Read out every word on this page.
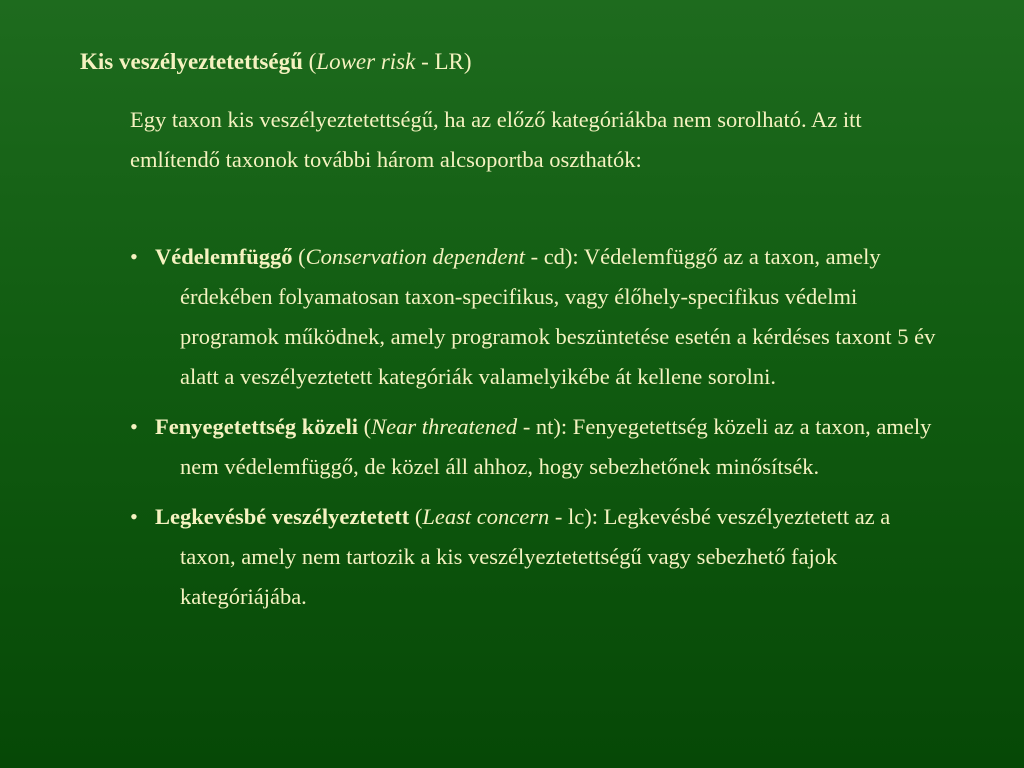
Kis veszélyeztetettségű (Lower risk - LR)
Egy taxon kis veszélyeztetettségű, ha az előző kategóriákba nem sorolható. Az itt említendő taxonok további három alcsoportba oszthatók:
• Védelemfüggő (Conservation dependent - cd): Védelemfüggő az a taxon, amely érdekében folyamatosan taxon-specifikus, vagy élőhely-specifikus védelmi programok működnek, amely programok beszüntetése esetén a kérdéses taxont 5 év alatt a veszélyeztetett kategóriák valamelyikébe át kellene sorolni.
• Fenyegetettség közeli (Near threatened - nt): Fenyegetettség közeli az a taxon, amely nem védelemfüggő, de közel áll ahhoz, hogy sebezhetőnek minősítsék.
• Legkevésbé veszélyeztetett (Least concern - lc): Legkevésbé veszélyeztetett az a taxon, amely nem tartozik a kis veszélyeztetettségű vagy sebezhető fajok kategóriájába.
